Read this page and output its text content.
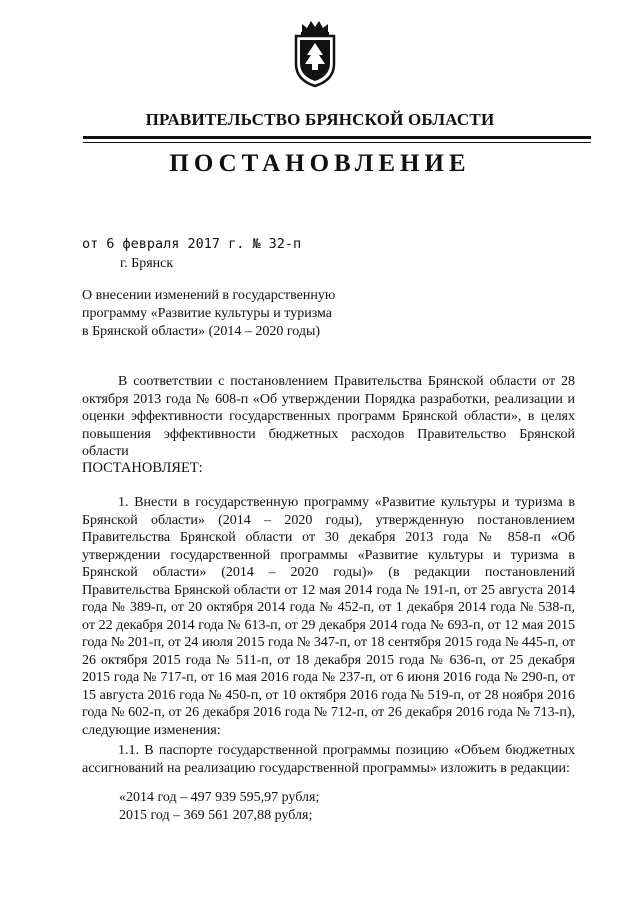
ПРАВИТЕЛЬСТВО БРЯНСКОЙ ОБЛАСТИ
ПОСТАНОВЛЕНИЕ
от 6 февраля 2017 г. № 32-п
г. Брянск
О внесении изменений в государственную
программу «Развитие культуры и туризма
в Брянской области» (2014 – 2020 годы)

В соответствии с постановлением Правительства Брянской области от 28 октября 2013 года № 608-п «Об утверждении Порядка разработки, реализации и оценки эффективности государственных программ Брянской области», в целях повышения эффективности бюджетных расходов Правительство Брянской области

ПОСТАНОВЛЯЕТ:

1. Внести в государственную программу «Развитие культуры и туризма в Брянской области» (2014 – 2020 годы), утвержденную постановлением Правительства Брянской области от 30 декабря 2013 года № 858-п «Об утверждении государственной программы «Развитие культуры и туризма в Брянской области» (2014 – 2020 годы)» (в редакции постановлений Правительства Брянской области от 12 мая 2014 года № 191-п, от 25 августа 2014 года № 389-п, от 20 октября 2014 года № 452-п, от 1 декабря 2014 года № 538-п, от 22 декабря 2014 года № 613-п, от 29 декабря 2014 года № 693-п, от 12 мая 2015 года № 201-п, от 24 июля 2015 года № 347-п, от 18 сентября 2015 года № 445-п, от 26 октября 2015 года № 511-п, от 18 декабря 2015 года № 636-п, от 25 декабря 2015 года № 717-п, от 16 мая 2016 года № 237-п, от 6 июня 2016 года № 290-п, от 15 августа 2016 года № 450-п, от 10 октября 2016 года № 519-п, от 28 ноября 2016 года № 602-п, от 26 декабря 2016 года № 712-п, от 26 декабря 2016 года № 713-п), следующие изменения:

1.1. В паспорте государственной программы позицию «Объем бюджетных ассигнований на реализацию государственной программы» изложить в редакции:

«2014 год – 497 939 595,97 рубля;
2015 год – 369 561 207,88 рубля;
